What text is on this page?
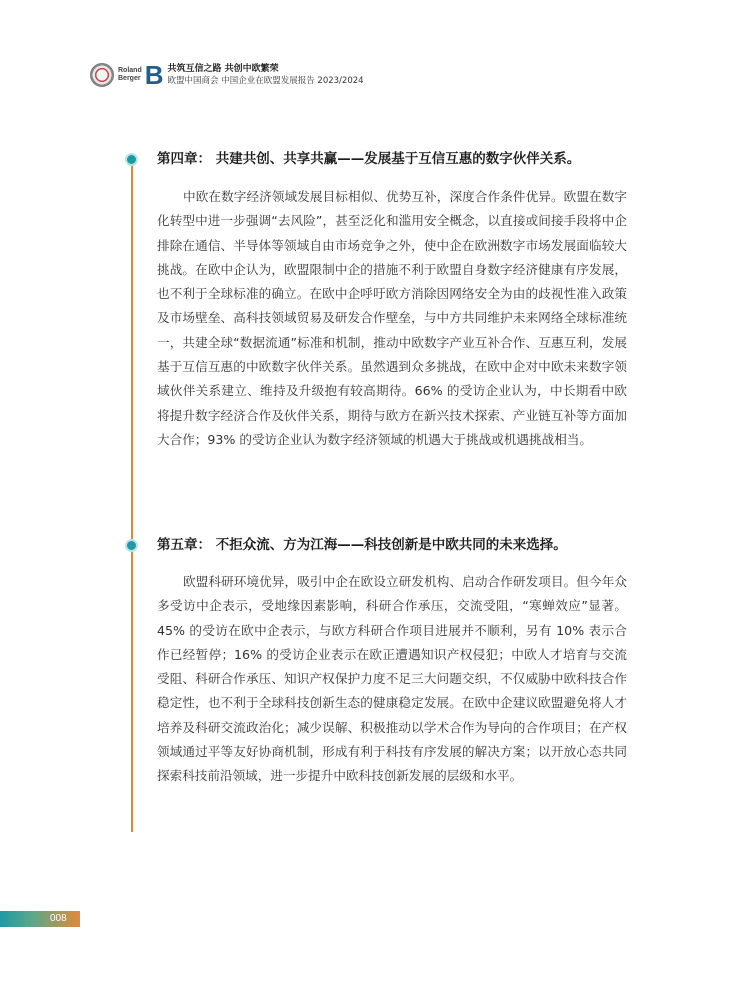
Roland
Berger B 共筑互信之路 共创中欧繁荣
欧盟中国商会 中国企业在欧盟发展报告 2023/2024
第四章： 共建共创、共享共赢——发展基于互信互惠的数字伙伴关系。

中欧在数字经济领域发展目标相似、优势互补，深度合作条件优异。欧盟在数字化转型中进一步强调“去风险”，甚至泛化和滥用安全概念，以直接或间接手段将中企排除在通信、半导体等领域自由市场竞争之外，使中企在欧洲数字市场发展面临较大挑战。在欧中企认为，欧盟限制中企的措施不利于欧盟自身数字经济健康有序发展，也不利于全球标准的确立。在欧中企呼吁欧方消除因网络安全为由的歧视性准入政策及市场壁垒、高科技领域贸易及研发合作壁垒，与中方共同维护未来网络全球标准统一，共建全球“数据流通”标准和机制，推动中欧数字产业互补合作、互惠互利，发展基于互信互惠的中欧数字伙伴关系。虽然遇到众多挑战，在欧中企对中欧未来数字领域伙伴关系建立、维持及升级抱有较高期待。66% 的受访企业认为，中长期看中欧将提升数字经济合作及伙伴关系，期待与欧方在新兴技术探索、产业链互补等方面加大合作；93% 的受访企业认为数字经济领域的机遇大于挑战或机遇挑战相当。

第五章： 不拒众流、方为江海——科技创新是中欧共同的未来选择。

欧盟科研环境优异，吸引中企在欧设立研发机构、启动合作研发项目。但今年众多受访中企表示，受地缘因素影响，科研合作承压，交流受阻，“寒蝉效应”显著。45% 的受访在欧中企表示，与欧方科研合作项目进展并不顺利，另有 10% 表示合作已经暂停；16% 的受访企业表示在欧正遭遇知识产权侵犯；中欧人才培育与交流受阻、科研合作承压、知识产权保护力度不足三大问题交织，不仅威胁中欧科技合作稳定性，也不利于全球科技创新生态的健康稳定发展。在欧中企建议欧盟避免将人才培养及科研交流政治化；减少误解、积极推动以学术合作为导向的合作项目；在产权领域通过平等友好协商机制，形成有利于科技有序发展的解决方案；以开放心态共同探索科技前沿领域，进一步提升中欧科技创新发展的层级和水平。

008
